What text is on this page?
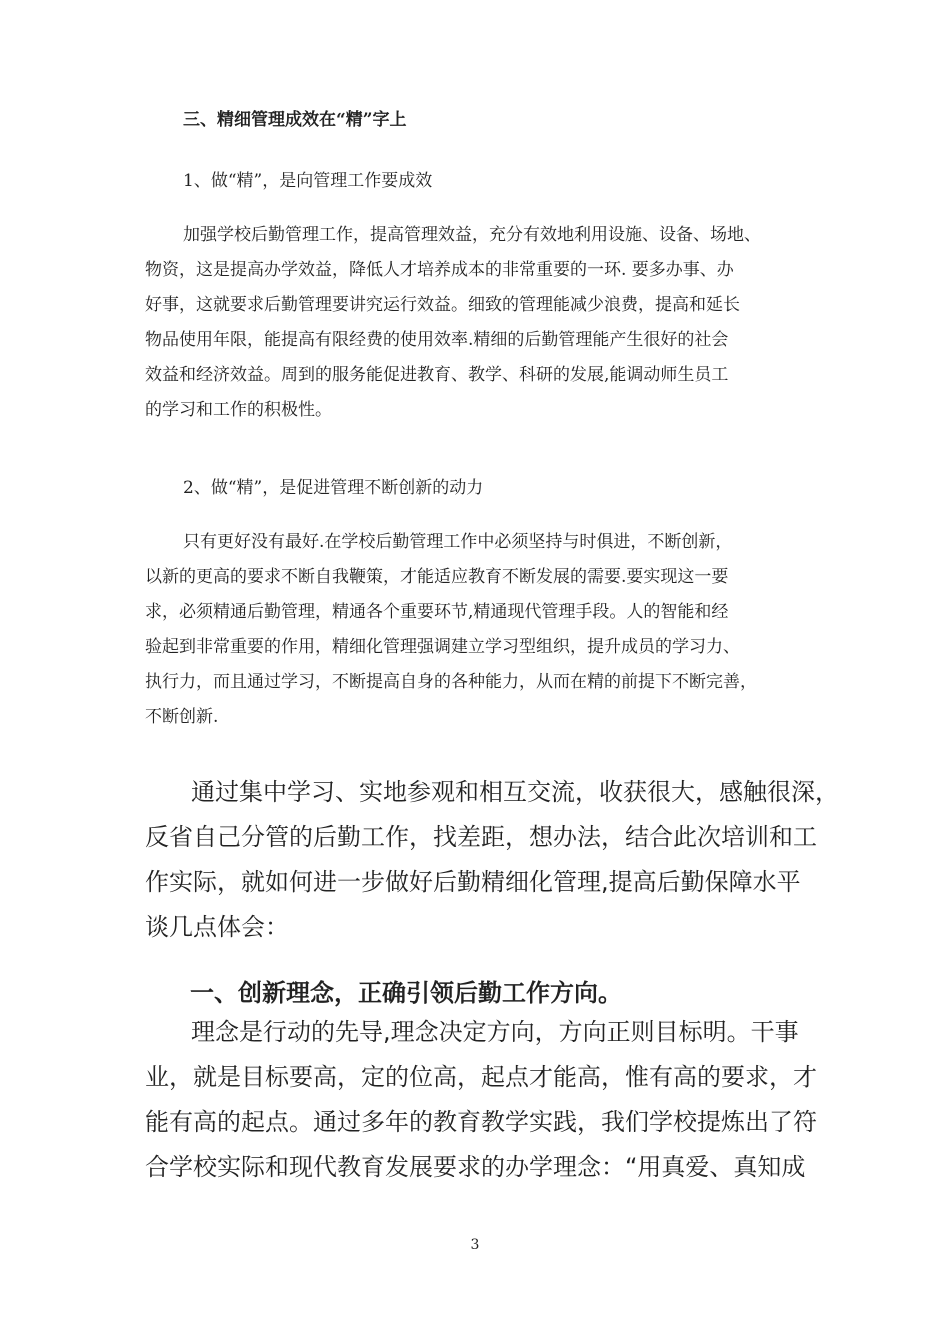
三、精细管理成效在“精”字上

1、做“精”，是向管理工作要成效

加强学校后勤管理工作，提高管理效益，充分有效地利用设施、设备、场地、
物资，这是提高办学效益，降低人才培养成本的非常重要的一环. 要多办事、办
好事，这就要求后勤管理要讲究运行效益。细致的管理能减少浪费，提高和延长
物品使用年限，能提高有限经费的使用效率.精细的后勤管理能产生很好的社会
效益和经济效益。周到的服务能促进教育、教学、科研的发展,能调动师生员工
的学习和工作的积极性。

2、做“精”，是促进管理不断创新的动力

只有更好没有最好.在学校后勤管理工作中必须坚持与时俱进，不断创新，
以新的更高的要求不断自我鞭策，才能适应教育不断发展的需要.要实现这一要
求，必须精通后勤管理，精通各个重要环节,精通现代管理手段。人的智能和经
验起到非常重要的作用，精细化管理强调建立学习型组织，提升成员的学习力、
执行力，而且通过学习，不断提高自身的各种能力，从而在精的前提下不断完善，
不断创新.
通过集中学习、实地参观和相互交流，收获很大，感触很深，
反省自己分管的后勤工作，找差距，想办法，结合此次培训和工
作实际，就如何进一步做好后勤精细化管理,提高后勤保障水平
谈几点体会：

一、创新理念，正确引领后勤工作方向。

理念是行动的先导,理念决定方向，方向正则目标明。干事
业，就是目标要高，定的位高，起点才能高，惟有高的要求，才
能有高的起点。通过多年的教育教学实践，我们学校提炼出了符
合学校实际和现代教育发展要求的办学理念：“用真爱、真知成
3
